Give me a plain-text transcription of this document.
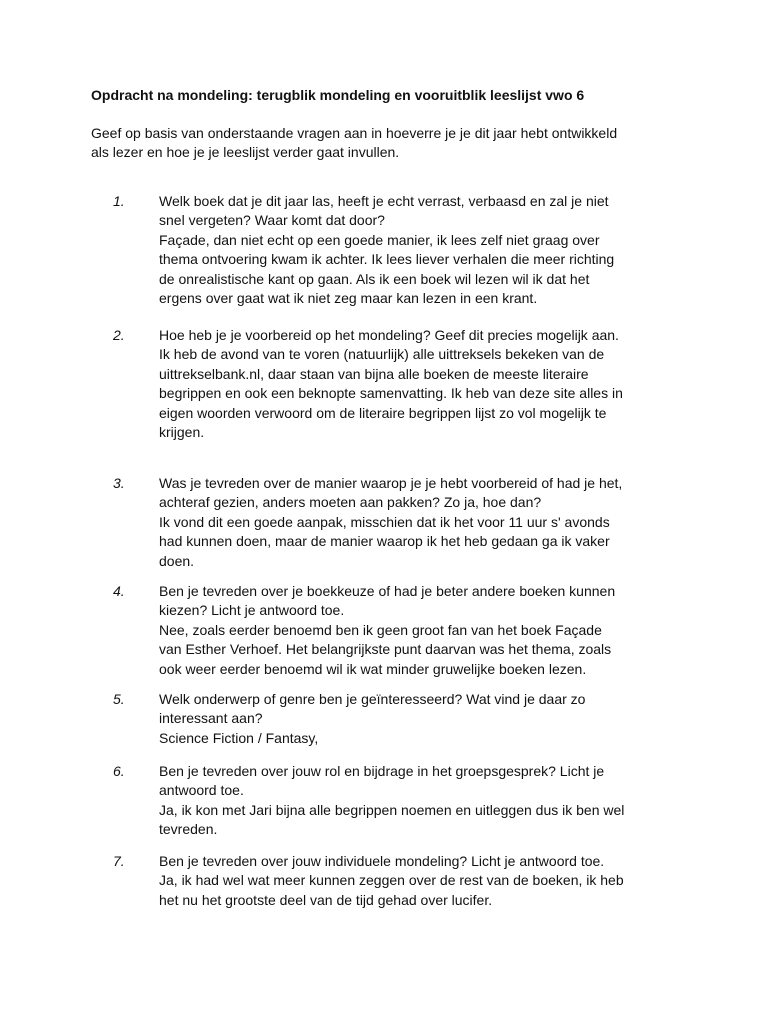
Opdracht na mondeling: terugblik mondeling en vooruitblik leeslijst vwo 6
Geef op basis van onderstaande vragen aan in hoeverre je je dit jaar hebt ontwikkeld
als lezer en hoe je je leeslijst verder gaat invullen.
1. Welk boek dat je dit jaar las, heeft je echt verrast, verbaasd en zal je niet
snel vergeten? Waar komt dat door?
Façade, dan niet echt op een goede manier, ik lees zelf niet graag over
thema ontvoering kwam ik achter. Ik lees liever verhalen die meer richting
de onrealistische kant op gaan. Als ik een boek wil lezen wil ik dat het
ergens over gaat wat ik niet zeg maar kan lezen in een krant.
2. Hoe heb je je voorbereid op het mondeling? Geef dit precies mogelijk aan.
Ik heb de avond van te voren (natuurlijk) alle uittreksels bekeken van de
uittrekselbank.nl, daar staan van bijna alle boeken de meeste literaire
begrippen en ook een beknopte samenvatting. Ik heb van deze site alles in
eigen woorden verwoord om de literaire begrippen lijst zo vol mogelijk te
krijgen.
3. Was je tevreden over de manier waarop je je hebt voorbereid of had je het,
achteraf gezien, anders moeten aan pakken? Zo ja, hoe dan?
Ik vond dit een goede aanpak, misschien dat ik het voor 11 uur s' avonds
had kunnen doen, maar de manier waarop ik het heb gedaan ga ik vaker
doen.
4. Ben je tevreden over je boekkeuze of had je beter andere boeken kunnen
kiezen? Licht je antwoord toe.
Nee, zoals eerder benoemd ben ik geen groot fan van het boek Façade
van Esther Verhoef. Het belangrijkste punt daarvan was het thema, zoals
ook weer eerder benoemd wil ik wat minder gruwelijke boeken lezen.
5. Welk onderwerp of genre ben je geïnteresseerd? Wat vind je daar zo
interessant aan?
Science Fiction / Fantasy,
6. Ben je tevreden over jouw rol en bijdrage in het groepsgesprek? Licht je
antwoord toe.
Ja, ik kon met Jari bijna alle begrippen noemen en uitleggen dus ik ben wel
tevreden.
7. Ben je tevreden over jouw individuele mondeling? Licht je antwoord toe.
Ja, ik had wel wat meer kunnen zeggen over de rest van de boeken, ik heb
het nu het grootste deel van de tijd gehad over lucifer.
